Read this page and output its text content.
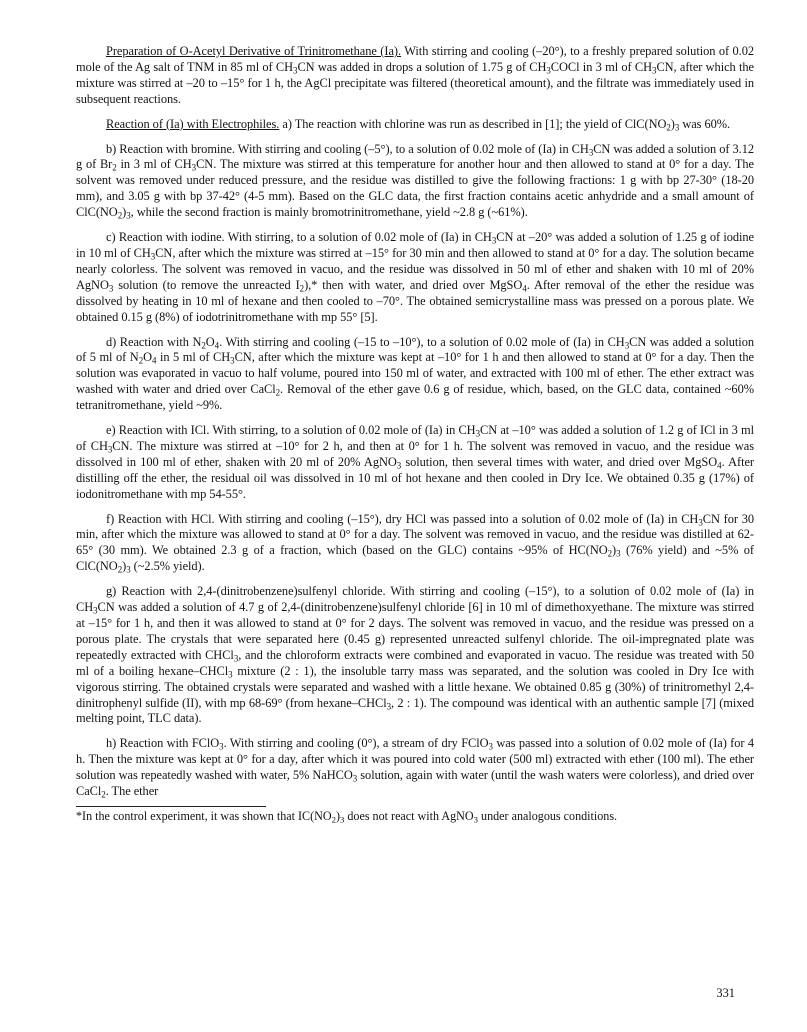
Preparation of O-Acetyl Derivative of Trinitromethane (Ia). With stirring and cooling (–20°), to a freshly prepared solution of 0.02 mole of the Ag salt of TNM in 85 ml of $CH_3CN$ was added in drops a solution of 1.75 g of $CH_3COCl$ in 3 ml of $CH_3CN$, after which the mixture was stirred at –20 to –15° for 1 h, the AgCl precipitate was filtered (theoretical amount), and the filtrate was immediately used in subsequent reactions.

Reaction of (Ia) with Electrophiles. a) The reaction with chlorine was run as described in [1]; the yield of $ClC(NO_2)_3$ was 60%.

b) Reaction with bromine. With stirring and cooling (–5°), to a solution of 0.02 mole of (Ia) in $CH_3CN$ was added a solution of 3.12 g of $Br_2$ in 3 ml of $CH_3CN$. The mixture was stirred at this temperature for another hour and then allowed to stand at 0° for a day. The solvent was removed under reduced pressure, and the residue was distilled to give the following fractions: 1 g with bp 27-30° (18-20 mm), and 3.05 g with bp 37-42° (4-5 mm). Based on the GLC data, the first fraction contains acetic anhydride and a small amount of $ClC(NO_2)_3$, while the second fraction is mainly bromotrinitromethane, yield ~2.8 g (~61%).

c) Reaction with iodine. With stirring, to a solution of 0.02 mole of (Ia) in $CH_3CN$ at –20° was added a solution of 1.25 g of iodine in 10 ml of $CH_3CN$, after which the mixture was stirred at –15° for 30 min and then allowed to stand at 0° for a day. The solution became nearly colorless. The solvent was removed in vacuo, and the residue was dissolved in 50 ml of ether and shaken with 10 ml of 20% AgNO$_3$ solution (to remove the unreacted $I_2),*$ then with water, and dried over MgSO$_4$. After removal of the ether the residue was dissolved by heating in 10 ml of hexane and then cooled to –70°. The obtained semicrystalline mass was pressed on a porous plate. We obtained 0.15 g (8%) of iodotrinitromethane with mp 55° [5].

d) Reaction with $N_2O_4$. With stirring and cooling (–15 to –10°), to a solution of 0.02 mole of (Ia) in $CH_3CN$ was added a solution of 5 ml of $N_2O_4$ in 5 ml of $CH_3CN$, after which the mixture was kept at –10° for 1 h and then allowed to stand at 0° for a day. Then the solution was evaporated in vacuo to half volume, poured into 150 ml of water, and extracted with 100 ml of ether. The ether extract was washed with water and dried over CaCl$_2$. Removal of the ether gave 0.6 g of residue, which, based, on the GLC data, contained ~60% tetranitromethane, yield ~9%.

e) Reaction with ICl. With stirring, to a solution of 0.02 mole of (Ia) in $CH_3CN$ at –10° was added a solution of 1.2 g of ICl in 3 ml of $CH_3CN$. The mixture was stirred at –10° for 2 h, and then at 0° for 1 h. The solvent was removed in vacuo, and the residue was dissolved in 100 ml of ether, shaken with 20 ml of 20% AgNO$_3$ solution, then several times with water, and dried over MgSO$_4$. After distilling off the ether, the residual oil was dissolved in 10 ml of hot hexane and then cooled in Dry Ice. We obtained 0.35 g (17%) of iodonitromethane with mp 54-55°.

f) Reaction with HCl. With stirring and cooling (–15°), dry HCl was passed into a solution of 0.02 mole of (Ia) in $CH_3CN$ for 30 min, after which the mixture was allowed to stand at 0° for a day. The solvent was removed in vacuo, and the residue was distilled at 62-65° (30 mm). We obtained 2.3 g of a fraction, which (based on the GLC) contains ~95% of $HC(NO_2)_3$ (76% yield) and ~5% of $ClC(NO_2)_3$ (~2.5% yield).

g) Reaction with 2,4-(dinitrobenzene)sulfenyl chloride. With stirring and cooling (–15°), to a solution of 0.02 mole of (Ia) in $CH_3CN$ was added a solution of 4.7 g of 2,4-(dinitrobenzene)sulfenyl chloride [6] in 10 ml of dimethoxyethane. The mixture was stirred at –15° for 1 h, and then it was allowed to stand at 0° for 2 days. The solvent was removed in vacuo, and the residue was pressed on a porous plate. The crystals that were separated here (0.45 g) represented unreacted sulfenyl chloride. The oil-impregnated plate was repeatedly extracted with CHCl$_3$, and the chloroform extracts were combined and evaporated in vacuo. The residue was treated with 50 ml of a boiling hexane–CHCl$_3$ mixture (2 : 1), the insoluble tarry mass was separated, and the solution was cooled in Dry Ice with vigorous stirring. The obtained crystals were separated and washed with a little hexane. We obtained 0.85 g (30%) of trinitromethyl 2,4-dinitrophenyl sulfide (II), with mp 68-69° (from hexane–CHCl$_3$, 2 : 1). The compound was identical with an authentic sample [7] (mixed melting point, TLC data).

h) Reaction with FClO$_3$. With stirring and cooling (0°), a stream of dry FClO$_3$ was passed into a solution of 0.02 mole of (Ia) for 4 h. Then the mixture was kept at 0° for a day, after which it was poured into cold water (500 ml) extracted with ether (100 ml). The ether solution was repeatedly washed with water, 5% NaHCO$_3$ solution, again with water (until the wash waters were colorless), and dried over CaCl$_2$. The ether

*In the control experiment, it was shown that $IC(NO_2)_3$ does not react with AgNO$_3$ under analogous conditions.

331
